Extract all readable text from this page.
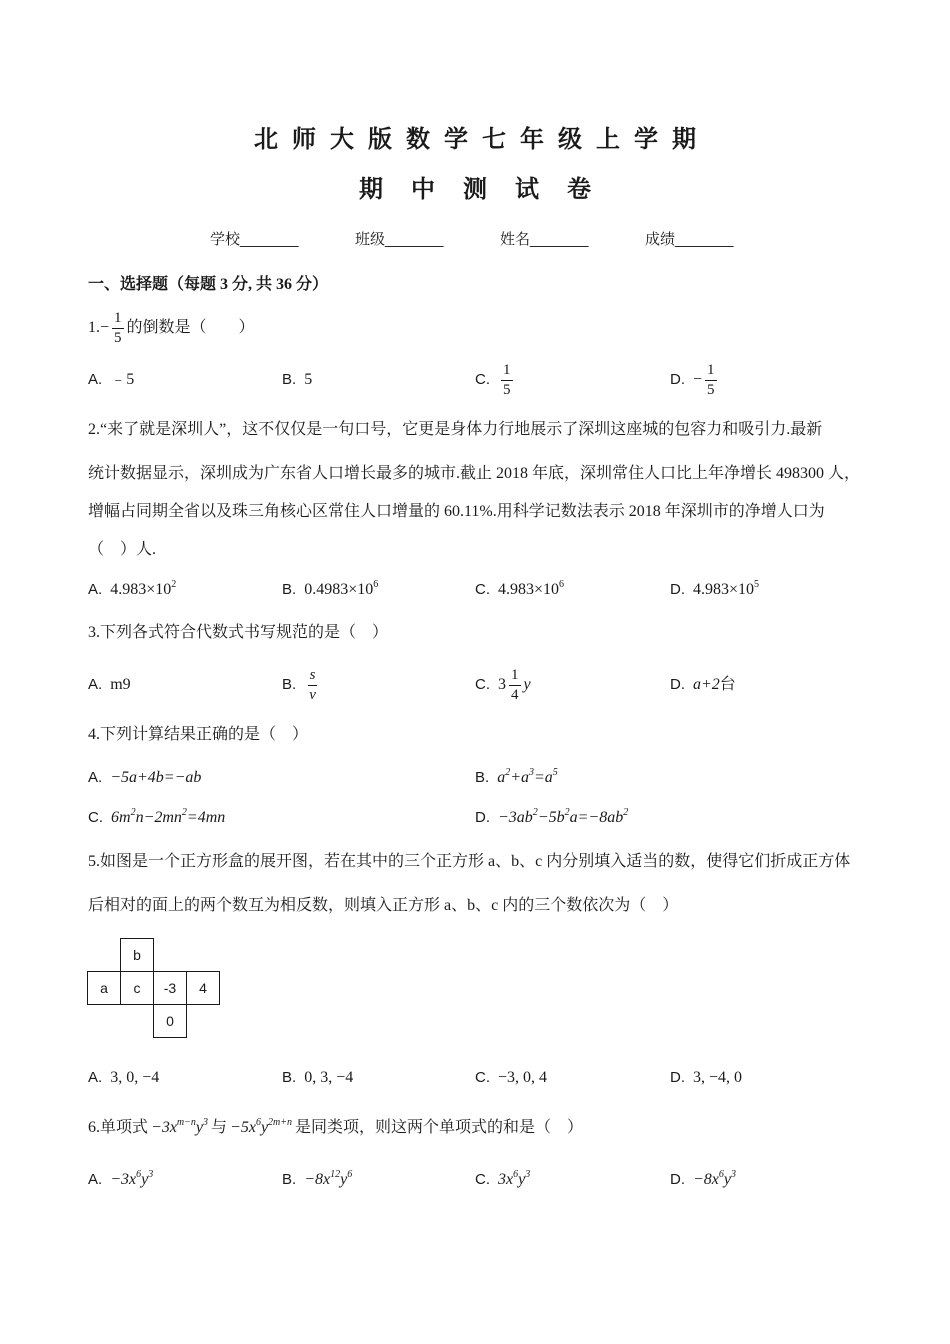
北 师 大 版 数 学 七 年 级 上 学 期
期 中 测 试 卷
学校_______	班级_______	姓名_______	成绩_______
一、选择题（每题 3 分, 共 36 分）
1. − $\frac{1}{5}$ 的倒数是（　　）
A. ﹣5	B. 5	C. $\frac{1}{5}$	D. − $\frac{1}{5}$
2.“来了就是深圳人”，这不仅仅是一句口号，它更是身体力行地展示了深圳这座城的包容力和吸引力.最新
统计数据显示，深圳成为广东省人口增长最多的城市.截止 2018 年底，深圳常住人口比上年净增长 498300 人，
增幅占同期全省以及珠三角核心区常住人口增量的 60.11%.用科学记数法表示 2018 年深圳市的净增人口为
（　）人.
A. $4.983\times 10^2$	B. $0.4983\times 10^6$	C. $4.983\times 10^6$	D. $4.983\times 10^5$
3.下列各式符合代数式书写规范的是（　）
A. m9	B. $\frac{s}{v}$	C. $3 \frac{1}{4}$ y	D. a+2 台
4.下列计算结果正确的是（　）
A. −5a+4b=−ab	B. $a^2+a^3=a^5$
C. $6m^2n-2mn^2=4mn$	D. $-3ab^2-5b^2a=-8ab^2$
5.如图是一个正方形盒的展开图，若在其中的三个正方形 a、b、c 内分别填入适当的数，使得它们折成正方体
后相对的面上的两个数互为相反数，则填入正方形 a、b、c 内的三个数依次为（　）
b
a	c	-3	4
0
A. 3, 0, −4	B. 0, 3, −4	C. −3, 0, 4	D. 3, −4, 0
6.单项式 $-3x^{m-n}y^3$ 与 $-5x^6y^{2m+n}$ 是同类项，则这两个单项式的和是（　）
A. $-3x^6y^3$	B. $-8x^{12}y^6$	C. $3x^6y^3$	D. $-8x^6y^3$
